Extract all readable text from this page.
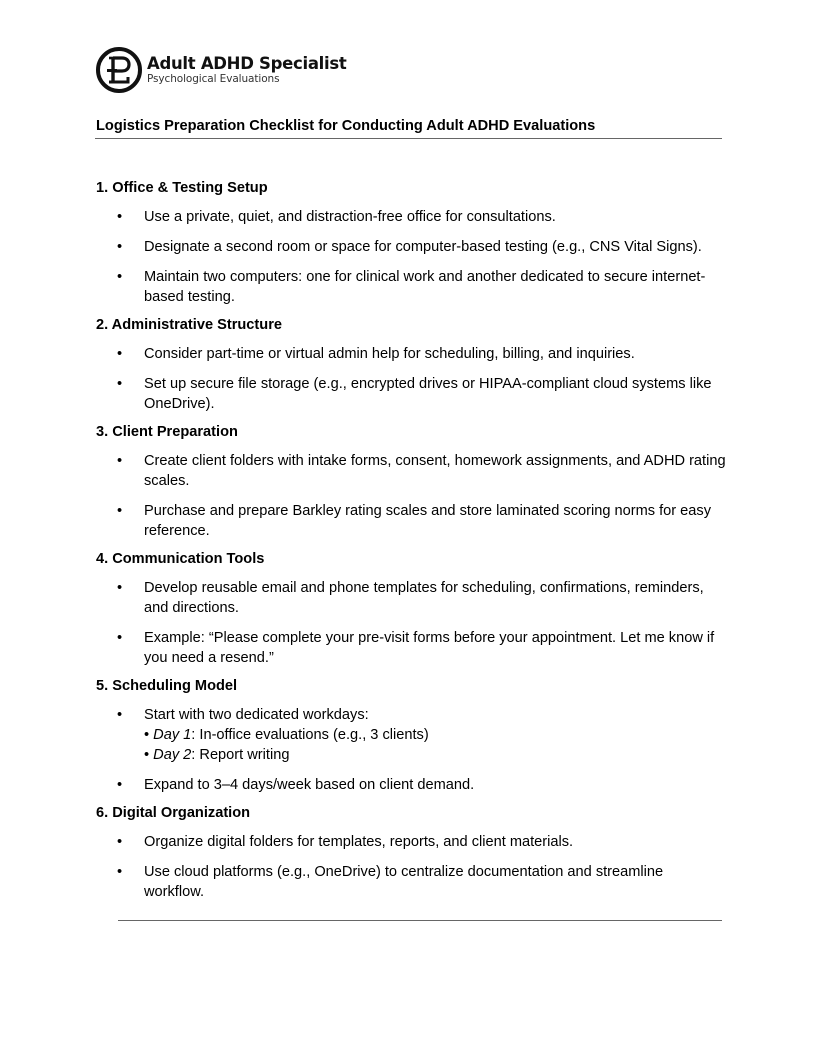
Adult ADHD Specialist
Psychological Evaluations
Logistics Preparation Checklist for Conducting Adult ADHD Evaluations
1. Office & Testing Setup
• Use a private, quiet, and distraction-free office for consultations.
• Designate a second room or space for computer-based testing (e.g., CNS Vital Signs).
• Maintain two computers: one for clinical work and another dedicated to secure internet-based testing.
2. Administrative Structure
• Consider part-time or virtual admin help for scheduling, billing, and inquiries.
• Set up secure file storage (e.g., encrypted drives or HIPAA-compliant cloud systems like OneDrive).
3. Client Preparation
• Create client folders with intake forms, consent, homework assignments, and ADHD rating scales.
• Purchase and prepare Barkley rating scales and store laminated scoring norms for easy reference.
4. Communication Tools
• Develop reusable email and phone templates for scheduling, confirmations, reminders, and directions.
• Example: “Please complete your pre-visit forms before your appointment. Let me know if you need a resend.”
5. Scheduling Model
• Start with two dedicated workdays:
• Day 1: In-office evaluations (e.g., 3 clients)
• Day 2: Report writing
• Expand to 3–4 days/week based on client demand.
6. Digital Organization
• Organize digital folders for templates, reports, and client materials.
• Use cloud platforms (e.g., OneDrive) to centralize documentation and streamline workflow.
